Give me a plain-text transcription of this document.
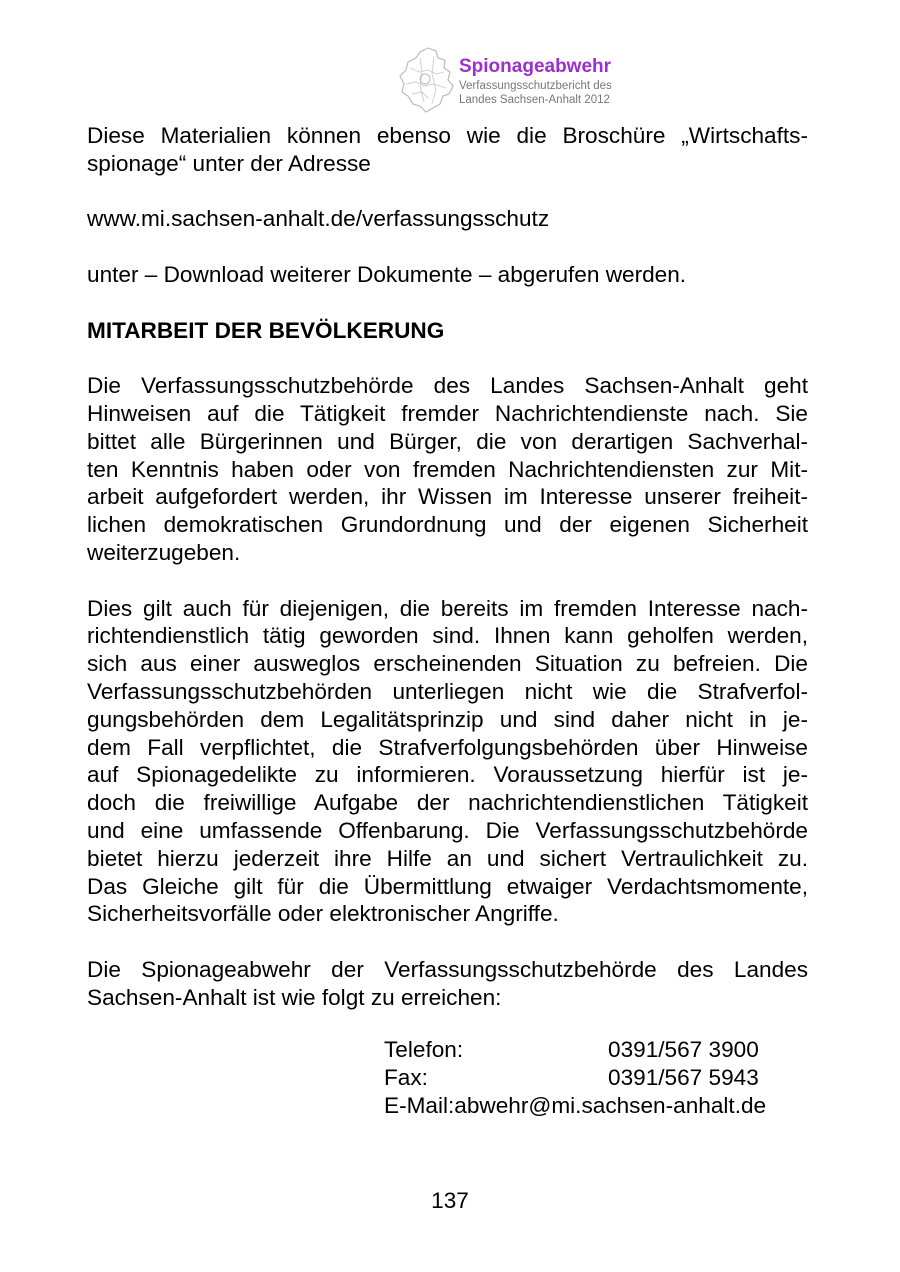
Spionageabwehr
Verfassungsschutzbericht des
Landes Sachsen-Anhalt 2012

Diese Materialien können ebenso wie die Broschüre „Wirtschafts-

spionage“ unter der Adresse

www.mi.sachsen-anhalt.de/verfassungsschutz

unter – Download weiterer Dokumente – abgerufen werden.

MITARBEIT DER BEVÖLKERUNG

Die Verfassungsschutzbehörde des Landes Sachsen-Anhalt geht

Hinweisen auf die Tätigkeit fremder Nachrichtendienste nach. Sie

bittet alle Bürgerinnen und Bürger, die von derartigen Sachverhal-

ten Kenntnis haben oder von fremden Nachrichtendiensten zur Mit-

arbeit aufgefordert werden, ihr Wissen im Interesse unserer freiheit-

lichen demokratischen Grundordnung und der eigenen Sicherheit

weiterzugeben.

Dies gilt auch für diejenigen, die bereits im fremden Interesse nach-

richtendienstlich tätig geworden sind. Ihnen kann geholfen werden,

sich aus einer ausweglos erscheinenden Situation zu befreien. Die

Verfassungsschutzbehörden unterliegen nicht wie die Strafverfol-

gungsbehörden dem Legalitätsprinzip und sind daher nicht in je-

dem Fall verpflichtet, die Strafverfolgungsbehörden über Hinweise

auf Spionagedelikte zu informieren. Voraussetzung hierfür ist je-

doch die freiwillige Aufgabe der nachrichtendienstlichen Tätigkeit

und eine umfassende Offenbarung. Die Verfassungsschutzbehörde

bietet hierzu jederzeit ihre Hilfe an und sichert Vertraulichkeit zu.

Das Gleiche gilt für die Übermittlung etwaiger Verdachtsmomente,

Sicherheitsvorfälle oder elektronischer Angriffe.

Die Spionageabwehr der Verfassungsschutzbehörde des Landes

Sachsen-Anhalt ist wie folgt zu erreichen:

Telefon:	0391/567 3900
Fax:	0391/567 5943
E-Mail:abwehr@mi.sachsen-anhalt.de
137
